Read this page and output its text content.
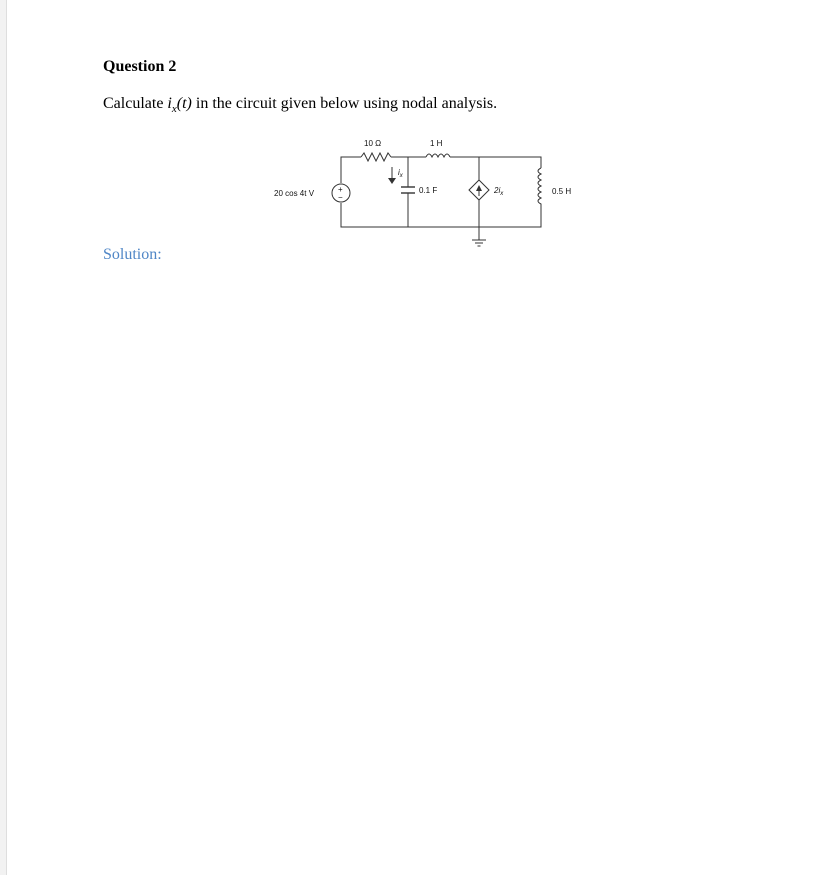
Question 2
Calculate $i_x(t)$ in the circuit given below using nodal analysis.
10 Ω	1 H
20 cos 4t V	+
−
$i_x$
0.1 F	$2i_x$	0.5 H
Solution:
